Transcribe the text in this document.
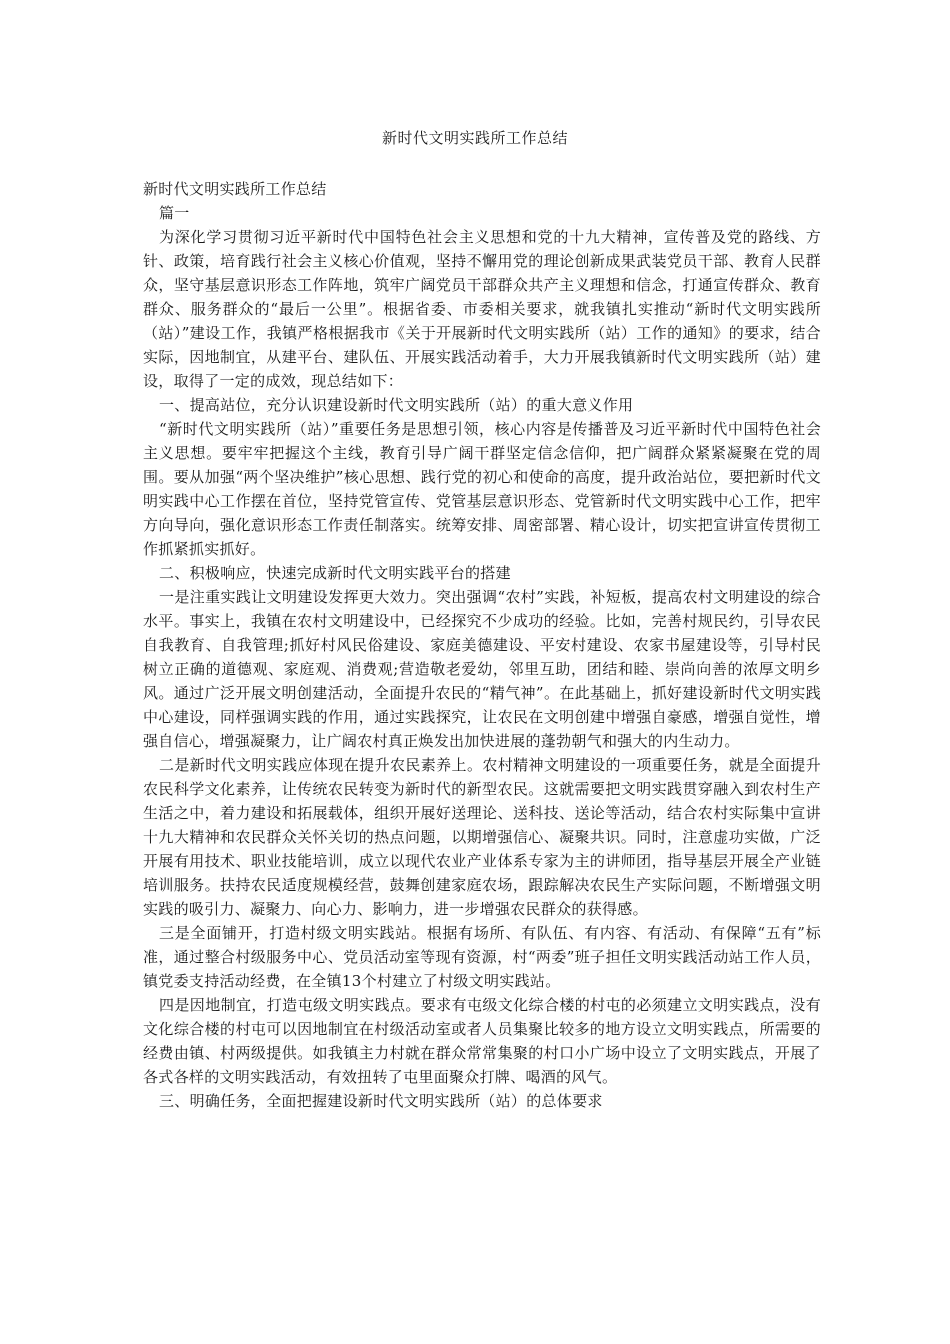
新时代文明实践所工作总结

新时代文明实践所工作总结

篇一

为深化学习贯彻习近平新时代中国特色社会主义思想和党的十九大精神，宣传普及党的路线、方针、政策，培育践行社会主义核心价值观，坚持不懈用党的理论创新成果武装党员干部、教育人民群众，坚守基层意识形态工作阵地，筑牢广阔党员干部群众共产主义理想和信念，打通宣传群众、教育群众、服务群众的“最后一公里”。根据省委、市委相关要求，就我镇扎实推动“新时代文明实践所（站）”建设工作，我镇严格根据我市《关于开展新时代文明实践所（站）工作的通知》的要求，结合实际，因地制宜，从建平台、建队伍、开展实践活动着手，大力开展我镇新时代文明实践所（站）建设，取得了一定的成效，现总结如下：

一、提高站位，充分认识建设新时代文明实践所（站）的重大意义作用

“新时代文明实践所（站）”重要任务是思想引领，核心内容是传播普及习近平新时代中国特色社会主义思想。要牢牢把握这个主线，教育引导广阔干群坚定信念信仰，把广阔群众紧紧凝聚在党的周围。要从加强“两个坚决维护”核心思想、践行党的初心和使命的高度，提升政治站位，要把新时代文明实践中心工作摆在首位，坚持党管宣传、党管基层意识形态、党管新时代文明实践中心工作，把牢方向导向，强化意识形态工作责任制落实。统筹安排、周密部署、精心设计，切实把宣讲宣传贯彻工作抓紧抓实抓好。

二、积极响应，快速完成新时代文明实践平台的搭建

一是注重实践让文明建设发挥更大效力。突出强调“农村”实践，补短板，提高农村文明建设的综合水平。事实上，我镇在农村文明建设中，已经探究不少成功的经验。比如，完善村规民约，引导农民自我教育、自我管理;抓好村风民俗建设、家庭美德建设、平安村建设、农家书屋建设等，引导村民树立正确的道德观、家庭观、消费观;营造敬老爱幼，邻里互助，团结和睦、崇尚向善的浓厚文明乡风。通过广泛开展文明创建活动，全面提升农民的“精气神”。在此基础上，抓好建设新时代文明实践中心建设，同样强调实践的作用，通过实践探究，让农民在文明创建中增强自豪感，增强自觉性，增强自信心，增强凝聚力，让广阔农村真正焕发出加快进展的蓬勃朝气和强大的内生动力。

二是新时代文明实践应体现在提升农民素养上。农村精神文明建设的一项重要任务，就是全面提升农民科学文化素养，让传统农民转变为新时代的新型农民。这就需要把文明实践贯穿融入到农村生产生活之中，着力建设和拓展载体，组织开展好送理论、送科技、送论等活动，结合农村实际集中宣讲十九大精神和农民群众关怀关切的热点问题，以期增强信心、凝聚共识。同时，注意虚功实做，广泛开展有用技术、职业技能培训，成立以现代农业产业体系专家为主的讲师团，指导基层开展全产业链培训服务。扶持农民适度规模经营，鼓舞创建家庭农场，跟踪解决农民生产实际问题，不断增强文明实践的吸引力、凝聚力、向心力、影响力，进一步增强农民群众的获得感。

三是全面铺开，打造村级文明实践站。根据有场所、有队伍、有内容、有活动、有保障“五有”标准，通过整合村级服务中心、党员活动室等现有资源，村“两委”班子担任文明实践活动站工作人员，镇党委支持活动经费，在全镇13个村建立了村级文明实践站。

四是因地制宜，打造屯级文明实践点。要求有屯级文化综合楼的村屯的必须建立文明实践点，没有文化综合楼的村屯可以因地制宜在村级活动室或者人员集聚比较多的地方设立文明实践点，所需要的经费由镇、村两级提供。如我镇主力村就在群众常常集聚的村口小广场中设立了文明实践点，开展了各式各样的文明实践活动，有效扭转了屯里面聚众打牌、喝酒的风气。

三、明确任务，全面把握建设新时代文明实践所（站）的总体要求
